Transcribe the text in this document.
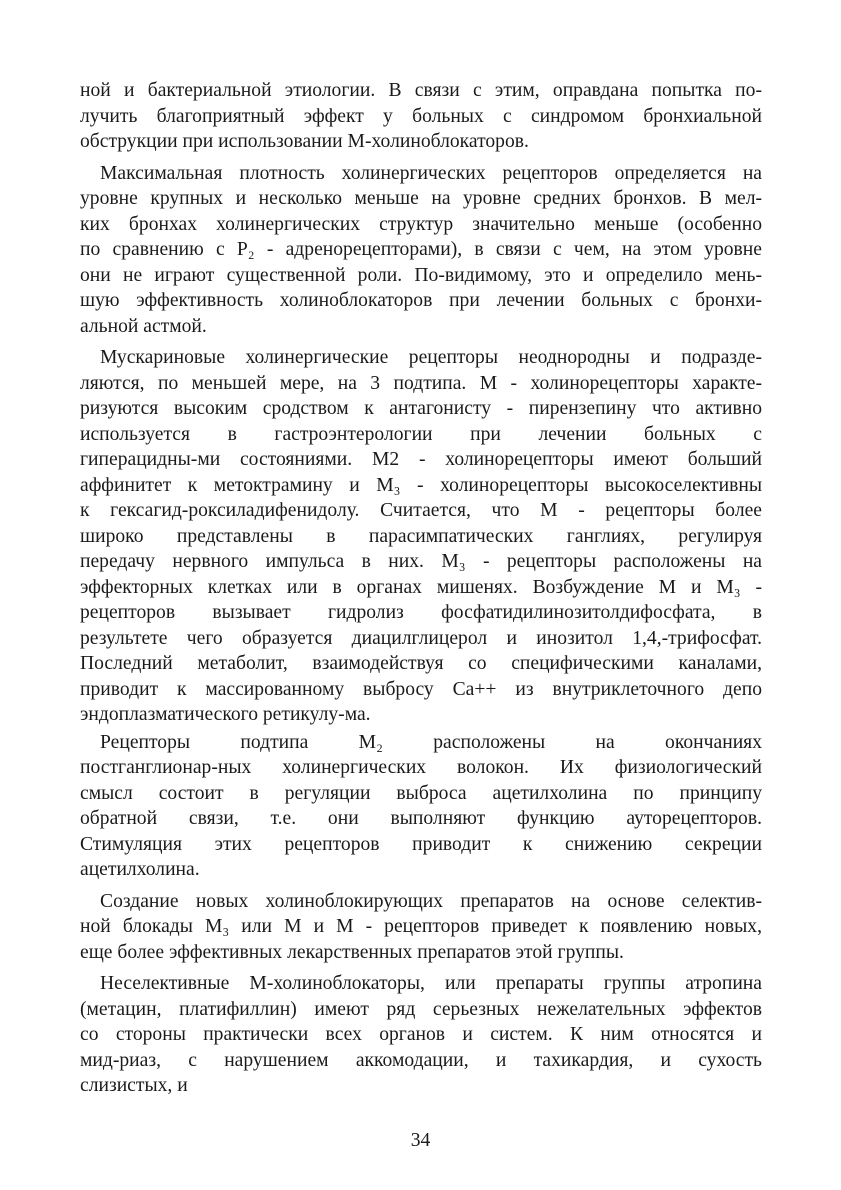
ной и бактериальной этиологии. В связи с этим, оправдана попытка по-
лучить благоприятный эффект у больных с синдромом бронхиальной
обструкции при использовании М-холиноблокаторов.
Максимальная плотность холинергических рецепторов определяется на
уровне крупных и несколько меньше на уровне средних бронхов. В мел-
ких бронхах холинергических структур значительно меньше (особенно
по сравнению с Р₂ - адренорецепторами), в связи с чем, на этом уровне
они не играют существенной роли. По-видимому, это и определило мень-
шую эффективность холиноблокаторов при лечении больных с бронхи-
альной астмой.
Мускариновые холинергические рецепторы неоднородны и подразде-
ляются, по меньшей мере, на 3 подтипа. М - холинорецепторы характе-
ризуются высоким сродством к антагонисту - пирензепину что активно
используется в гастроэнтерологии при лечении больных с
гиперацидны-ми состояниями. М2 - холинорецепторы имеют больший
аффинитет к метоктрамину и М₃ - холинорецепторы высокоселективны
к гексагид-роксиладифенидолу. Считается, что М - рецепторы более
широко представлены в парасимпатических ганглиях, регулируя
передачу нервного импульса в них. М₃ - рецепторы расположены на
эффекторных клетках или в органах мишенях. Возбуждение М и М₃ -
рецепторов вызывает гидролиз фосфатидилинозитолдифосфата, в
результете чего образуется диацилглицерол и инозитол 1,4,-трифосфат.
Последний метаболит, взаимодействуя со специфическими каналами,
приводит к массированному выбросу Са++ из внутриклеточного депо
эндоплазматического ретикулу-ма.
Рецепторы подтипа М₂ расположены на окончаниях
постганглионар-ных холинергических волокон. Их физиологический
смысл состоит в регуляции выброса ацетилхолина по принципу
обратной связи, т.е. они выполняют функцию ауторецепторов.
Стимуляция этих рецепторов приводит к снижению секреции
ацетилхолина.
Создание новых холиноблокирующих препаратов на основе селектив-
ной блокады М₃ или М и М - рецепторов приведет к появлению новых,
еще более эффективных лекарственных препаратов этой группы.
Неселективные М-холиноблокаторы, или препараты группы атропина
(метацин, платифиллин) имеют ряд серьезных нежелательных эффектов
со стороны практически всех органов и систем. К ним относятся и
мид-риаз, с нарушением аккомодации, и тахикардия, и сухость
слизистых, и
34
